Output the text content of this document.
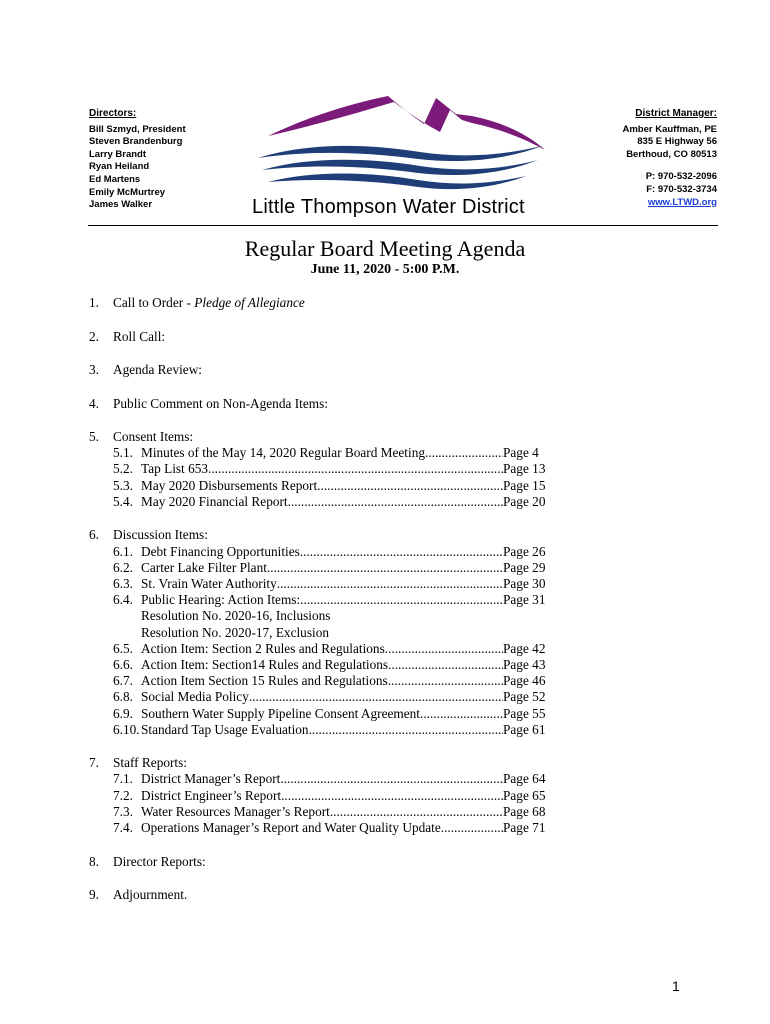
Directors:
Bill Szmyd, President
Steven Brandenburg
Larry Brandt
Ryan Heiland
Ed Martens
Emily McMurtrey
James Walker	Little Thompson Water District
District Manager:
Amber Kauffman, PE
835 E Highway 56
Berthoud, CO 80513
P: 970-532-2096
F: 970-532-3734
www.LTWD.org
Regular Board Meeting Agenda
June 11, 2020 - 5:00 P.M.
1.	Call to Order - Pledge of Allegiance
2.	Roll Call:
3.	Agenda Review:
4.	Public Comment on Non-Agenda Items:
5.	Consent Items:
5.1. Minutes of the May 14, 2020 Regular Board Meeting .....	Page 4
5.2. Tap List 653 .....	Page 13
5.3. May 2020 Disbursements Report .....	Page 15
5.4. May 2020 Financial Report .....	Page 20
6.	Discussion Items:
6.1. Debt Financing Opportunities .....	Page 26
6.2. Carter Lake Filter Plant .....	Page 29
6.3. St. Vrain Water Authority .....	Page 30
6.4. Public Hearing: Action Items: .....	Page 31
Resolution No. 2020-16, Inclusions
Resolution No. 2020-17, Exclusion
6.5. Action Item: Section 2 Rules and Regulations .....	Page 42
6.6. Action Item: Section14 Rules and Regulations .....	Page 43
6.7. Action Item Section 15 Rules and Regulations .....	Page 46
6.8. Social Media Policy .....	Page 52
6.9. Southern Water Supply Pipeline Consent Agreement .....	Page 55
6.10. Standard Tap Usage Evaluation .....	Page 61
7.	Staff Reports:
7.1. District Manager’s Report .....	Page 64
7.2. District Engineer’s Report .....	Page 65
7.3. Water Resources Manager’s Report .....	Page 68
7.4. Operations Manager’s Report and Water Quality Update .....	Page 71
8.	Director Reports:
9.	Adjournment.
1
